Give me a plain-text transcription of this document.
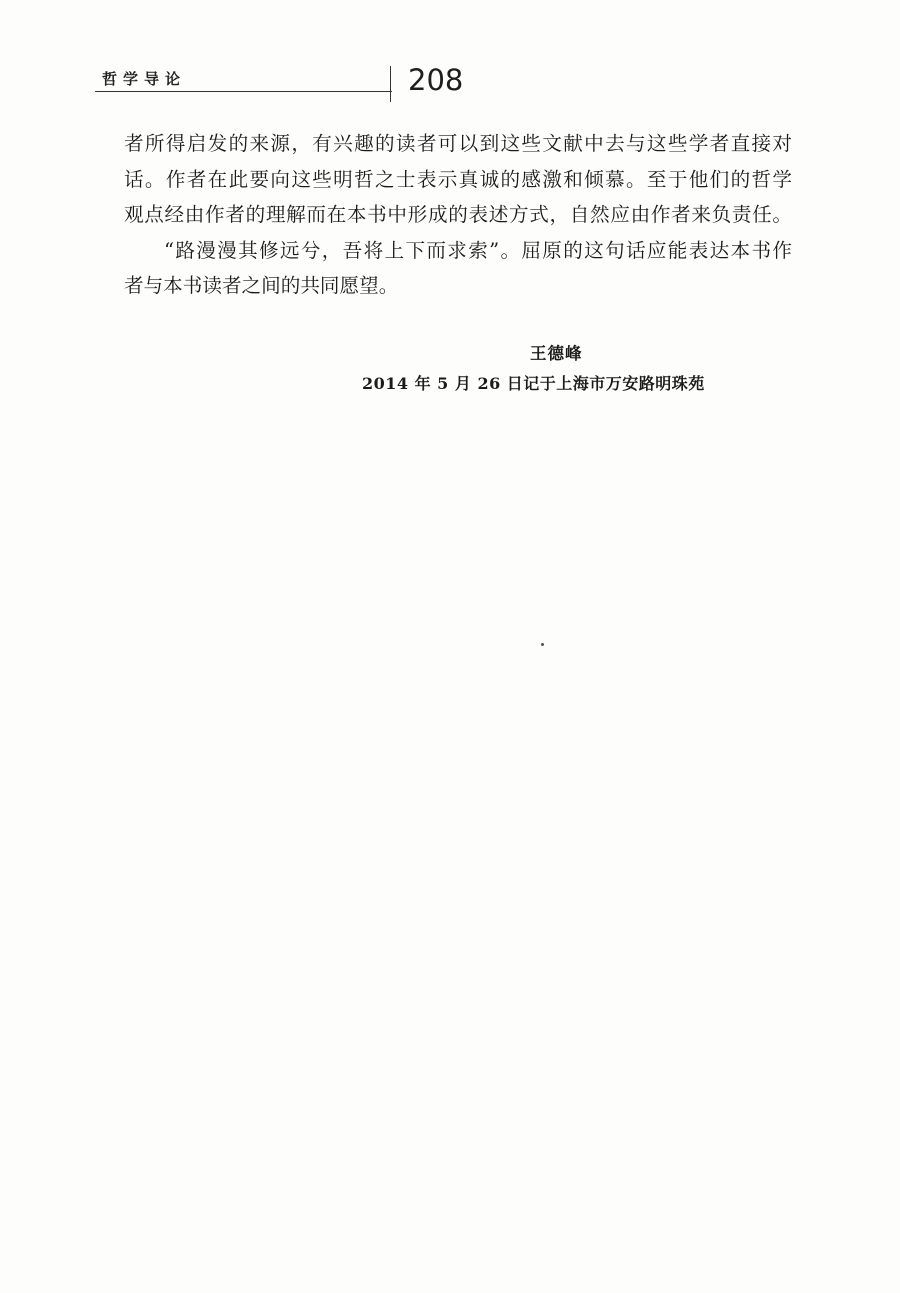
哲学导论	208
者所得启发的来源，有兴趣的读者可以到这些文献中去与这些学者直接对
话。作者在此要向这些明哲之士表示真诚的感激和倾慕。至于他们的哲学
观点经由作者的理解而在本书中形成的表述方式，自然应由作者来负责任。
“路漫漫其修远兮，吾将上下而求索”。屈原的这句话应能表达本书作
者与本书读者之间的共同愿望。
王德峰
2014 年 5 月 26 日记于上海市万安路明珠苑
